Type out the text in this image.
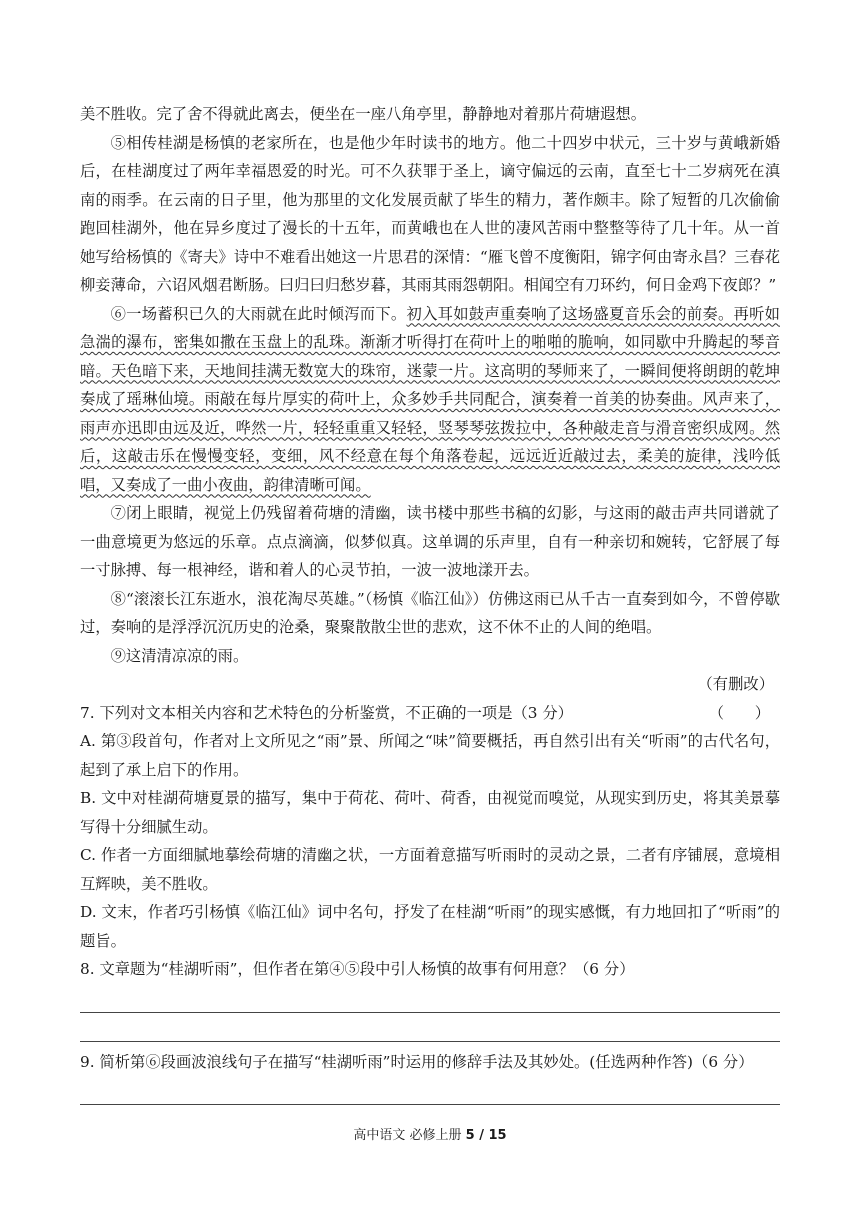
美不胜收。完了舍不得就此离去，便坐在一座八角亭里，静静地对着那片荷塘遐想。

⑤相传桂湖是杨慎的老家所在，也是他少年时读书的地方。他二十四岁中状元，三十岁与黄峨新婚后，在桂湖度过了两年幸福恩爱的时光。可不久获罪于圣上，谪守偏远的云南，直至七十二岁病死在滇南的雨季。在云南的日子里，他为那里的文化发展贡献了毕生的精力，著作颇丰。除了短暂的几次偷偷跑回桂湖外，他在异乡度过了漫长的十五年，而黄峨也在人世的凄风苦雨中整整等待了几十年。从一首她写给杨慎的《寄夫》诗中不难看出她这一片思君的深情：“雁飞曾不度衡阳，锦字何由寄永昌？三春花柳妾薄命，六诏风烟君断肠。曰归曰归愁岁暮，其雨其雨怨朝阳。相闻空有刀环约，何日金鸡下夜郎？”

⑥一场蓄积已久的大雨就在此时倾泻而下。初入耳如鼓声重奏响了这场盛夏音乐会的前奏。再听如急湍的瀑布，密集如撒在玉盘上的乱珠。渐渐才听得打在荷叶上的啪啪的脆响，如同歇中升腾起的琴音暗。天色暗下来，天地间挂满无数宽大的珠帘，迷蒙一片。这高明的琴师来了，一瞬间便将朗朗的乾坤奏成了瑶琳仙境。雨敲在每片厚实的荷叶上，众多妙手共同配合，演奏着一首美的协奏曲。风声来了，雨声亦迅即由远及近，哗然一片，轻轻重重又轻轻，竖琴琴弦拨拉中，各种敲走音与滑音密织成网。然后，这敲击乐在慢慢变轻，变细，风不经意在每个角落卷起，远远近近敲过去，柔美的旋律，浅吟低唱，又奏成了一曲小夜曲，韵律清晰可闻。

⑦闭上眼睛，视觉上仍残留着荷塘的清幽，读书楼中那些书稿的幻影，与这雨的敲击声共同谱就了一曲意境更为悠远的乐章。点点滴滴，似梦似真。这单调的乐声里，自有一种亲切和婉转，它舒展了每一寸脉搏、每一根神经，谐和着人的心灵节拍，一波一波地漾开去。

⑧“滚滚长江东逝水，浪花淘尽英雄。”（杨慎《临江仙》）仿佛这雨已从千古一直奏到如今，不曾停歇过，奏响的是浮浮沉沉历史的沧桑，聚聚散散尘世的悲欢，这不休不止的人间的绝唱。

⑨这清清凉凉的雨。

（有删改）

7. 下列对文本相关内容和艺术特色的分析鉴赏，不正确的一项是（3 分）	（　　）

A. 第③段首句，作者对上文所见之“雨”景、所闻之“味”简要概括，再自然引出有关“听雨”的古代名句，起到了承上启下的作用。

B. 文中对桂湖荷塘夏景的描写，集中于荷花、荷叶、荷香，由视觉而嗅觉，从现实到历史，将其美景摹写得十分细腻生动。

C. 作者一方面细腻地摹绘荷塘的清幽之状，一方面着意描写听雨时的灵动之景，二者有序铺展，意境相互辉映，美不胜收。

D. 文末，作者巧引杨慎《临江仙》词中名句，抒发了在桂湖“听雨”的现实感慨，有力地回扣了“听雨”的题旨。

8. 文章题为“桂湖听雨”，但作者在第④⑤段中引人杨慎的故事有何用意？（6 分）

9. 简析第⑥段画波浪线句子在描写“桂湖听雨”时运用的修辞手法及其妙处。(任选两种作答)（6 分）

高中语文 必修上册 5 / 15
